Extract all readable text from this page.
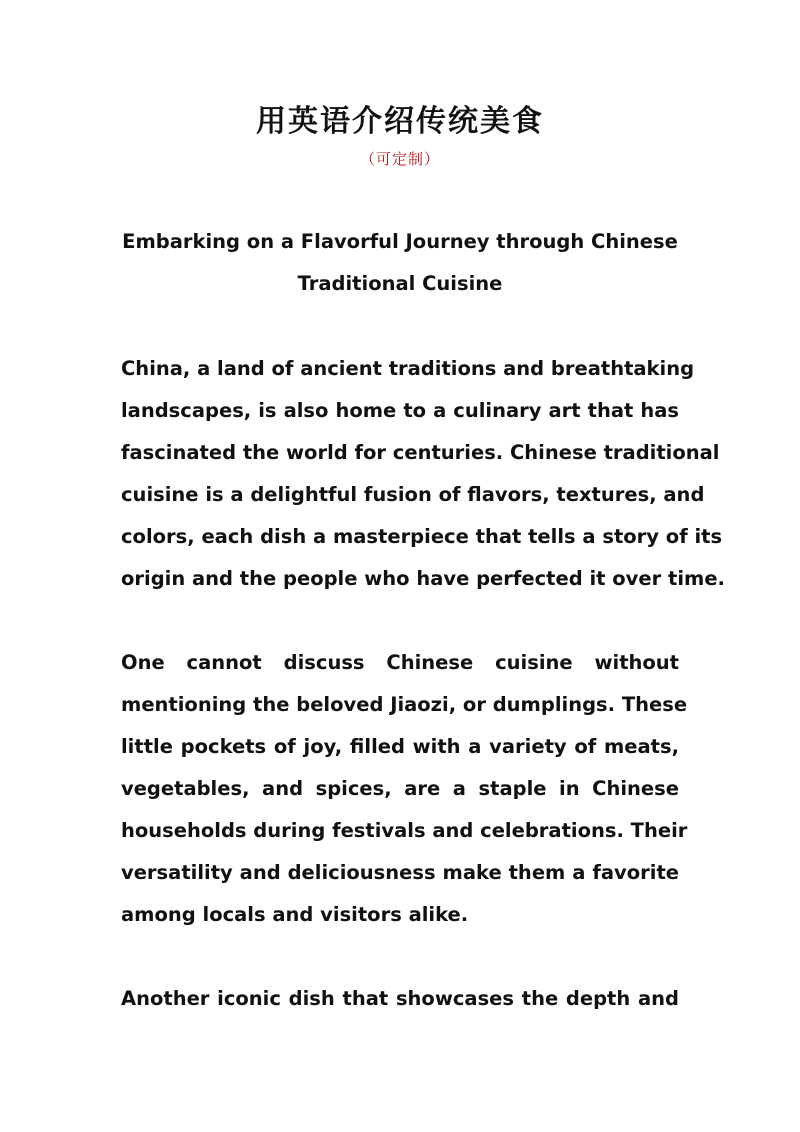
用英语介绍传统美食
（可定制）
Embarking on a Flavorful Journey through Chinese
Traditional Cuisine
China, a land of ancient traditions and breathtaking
landscapes, is also home to a culinary art that has
fascinated the world for centuries. Chinese traditional
cuisine is a delightful fusion of flavors, textures, and
colors, each dish a masterpiece that tells a story of its
origin and the people who have perfected it over time.
One cannot discuss Chinese cuisine without
mentioning the beloved Jiaozi, or dumplings. These
little pockets of joy, filled with a variety of meats,
vegetables, and spices, are a staple in Chinese
households during festivals and celebrations. Their
versatility and deliciousness make them a favorite
among locals and visitors alike.
Another iconic dish that showcases the depth and
